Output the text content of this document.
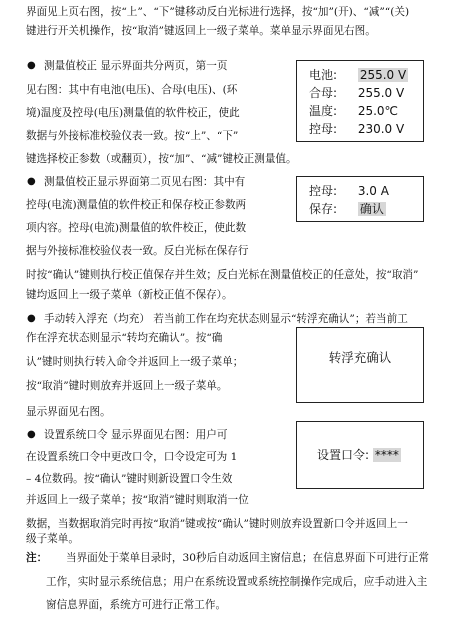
界面见上页右图，按“上”、“下”键移动反白光标进行选择，按“加”(开)、“减”“(关)
键进行开关机操作，按“取消”键返回上一级子菜单。菜单显示界面见右图。
● 测量值校正 显示界面共分两页，第一页
见右图：其中有电池(电压)、合母(电压)、(环
境)温度及控母(电压)测量值的软件校正，使此
数据与外接标准校验仪表一致。按“上”、“下”
键选择校正参数（或翻页），按“加”、“减”键校正测量值。
电池: 255.0 V
合母: 255.0 V
温度: 25.0℃
控母: 230.0 V
● 测量值校正显示界面第二页见右图：其中有
控母(电流)测量值的软件校正和保存校正参数两
项内容。控母(电流)测量值的软件校正，使此数
据与外接标准校验仪表一致。反白光标在保存行
时按“确认”键则执行校正值保存并生效；反白光标在测量值校正的任意处，按“取消”
键均返回上一级子菜单（新校正值不保存）。
控母: 3.0 A
保存: 确认
● 手动转入浮充（均充） 若当前工作在均充状态则显示“转浮充确认”；若当前工
作在浮充状态则显示“转均充确认”。按“确
认”键时则执行转入命令并返回上一级子菜单；
按“取消”键时则放弃并返回上一级子菜单。
显示界面见右图。
转浮充确认
● 设置系统口令 显示界面见右图：用户可
在设置系统口令中更改口令，口令设定可为 1
– 4位数码。按“确认”键时则新设置口令生效
并返回上一级子菜单；按“取消”键时则取消一位
数据，当数据取消完时再按“取消”键或按“确认”键时则放弃设置新口令并返回上一
级子菜单。
设置口令: ****
注： 当界面处于菜单目录时，30秒后自动返回主窗信息；在信息界面下可进行正常
工作，实时显示系统信息；用户在系统设置或系统控制操作完成后，应手动进入主
窗信息界面，系统方可进行正常工作。
